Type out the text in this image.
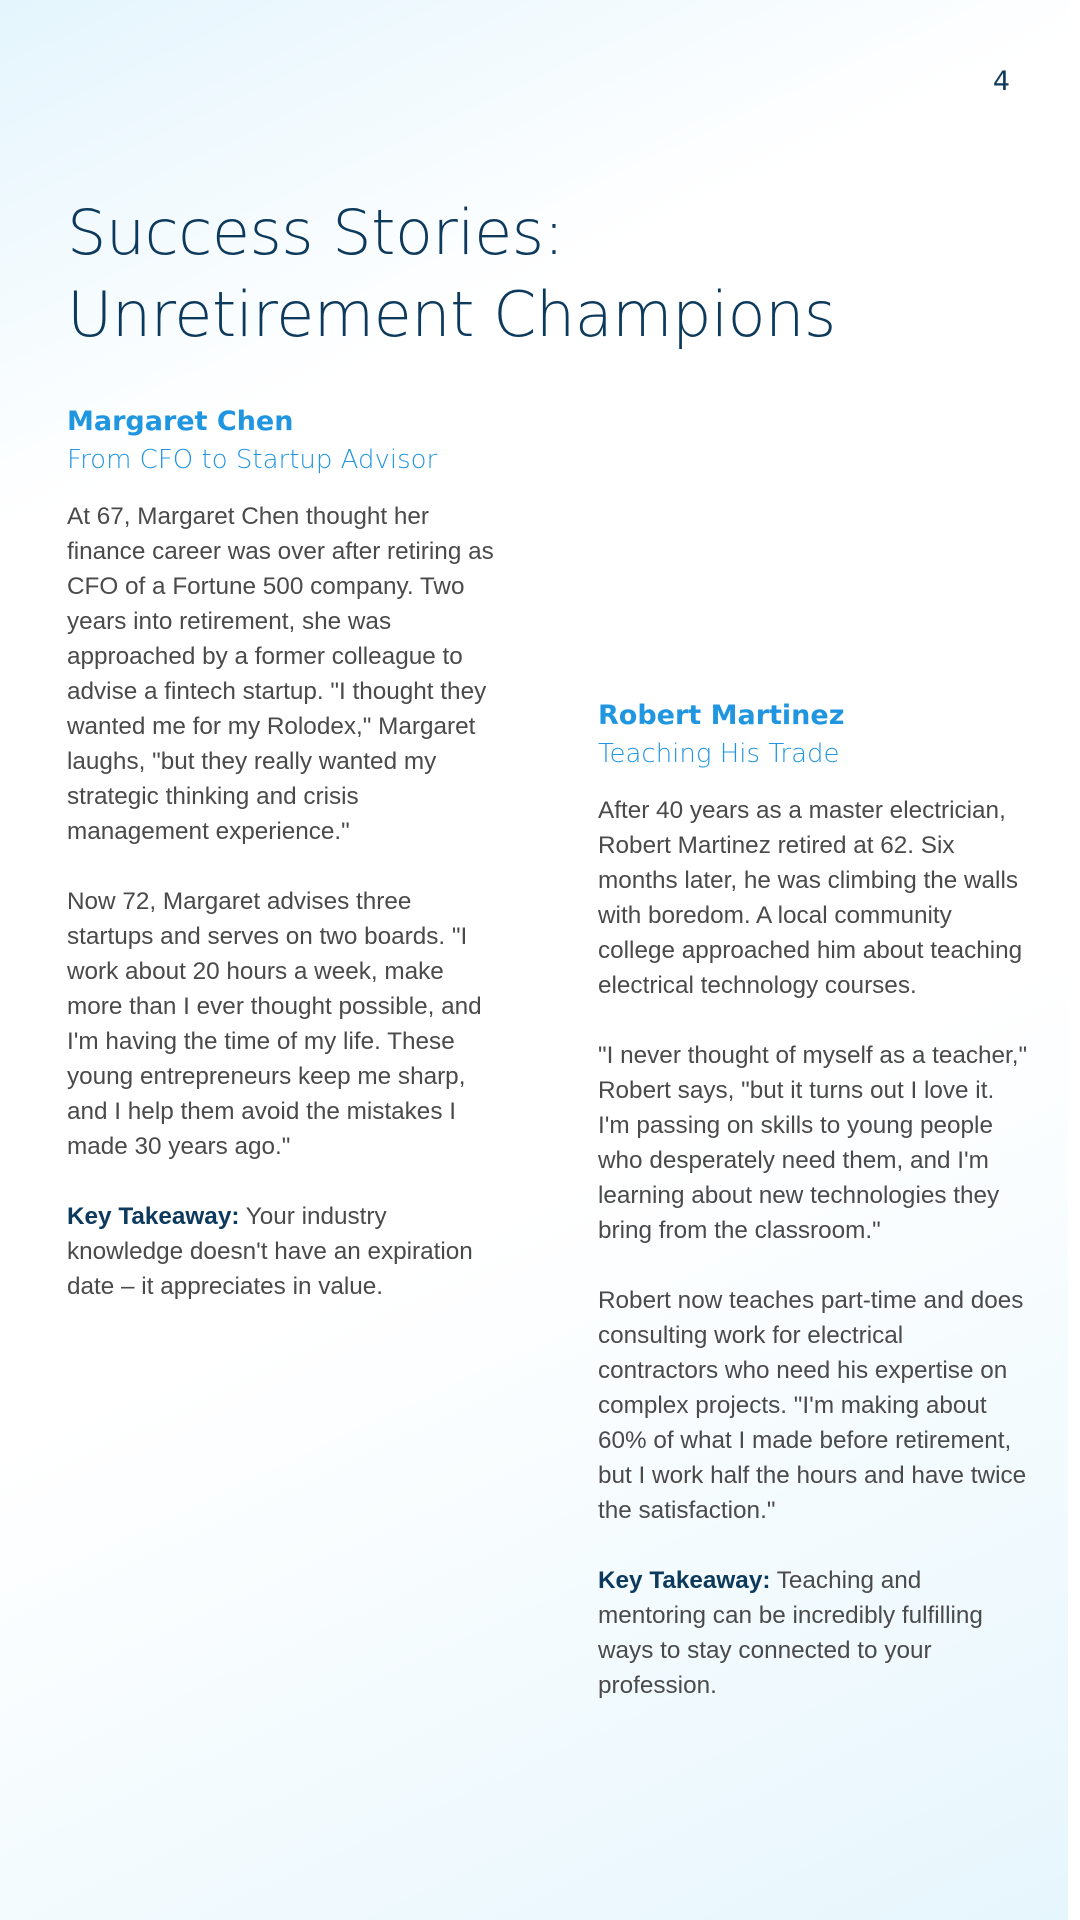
4
Success Stories:
Unretirement Champions
Margaret Chen
From CFO to Startup Advisor

At 67, Margaret Chen thought her finance career was over after retiring as CFO of a Fortune 500 company. Two years into retirement, she was approached by a former colleague to advise a fintech startup. "I thought they wanted me for my Rolodex," Margaret laughs, "but they really wanted my strategic thinking and crisis management experience."

Now 72, Margaret advises three startups and serves on two boards. "I work about 20 hours a week, make more than I ever thought possible, and I'm having the time of my life. These young entrepreneurs keep me sharp, and I help them avoid the mistakes I made 30 years ago."

Key Takeaway: Your industry knowledge doesn't have an expiration date – it appreciates in value.

Robert Martinez
Teaching His Trade

After 40 years as a master electrician, Robert Martinez retired at 62. Six months later, he was climbing the walls with boredom. A local community college approached him about teaching electrical technology courses.

"I never thought of myself as a teacher," Robert says, "but it turns out I love it. I'm passing on skills to young people who desperately need them, and I'm learning about new technologies they bring from the classroom."

Robert now teaches part-time and does consulting work for electrical contractors who need his expertise on complex projects. "I'm making about 60% of what I made before retirement, but I work half the hours and have twice the satisfaction."

Key Takeaway: Teaching and mentoring can be incredibly fulfilling ways to stay connected to your profession.
